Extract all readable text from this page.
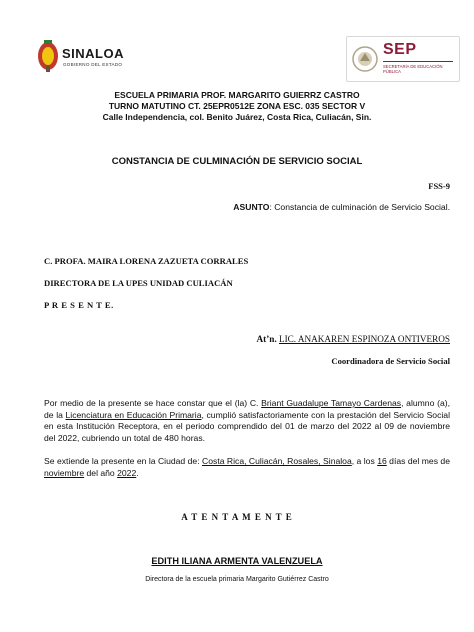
SINALOA
GOBIERNO DEL ESTADO
SEP
SECRETARÍA DE EDUCACIÓN PÚBLICA
ESCUELA PRIMARIA PROF. MARGARITO GUIERRZ CASTRO
TURNO MATUTINO CT. 25EPR0512E ZONA ESC. 035 SECTOR V
Calle Independencia, col. Benito Juárez, Costa Rica, Culiacán, Sin.
CONSTANCIA DE CULMINACIÓN DE SERVICIO SOCIAL
FSS-9
ASUNTO: Constancia de culminación de Servicio Social.
C. PROFA. MAIRA LORENA ZAZUETA CORRALES
DIRECTORA DE LA UPES UNIDAD CULIACÁN
P R E S E N T E.
At’n. LIC. ANAKAREN ESPINOZA ONTIVEROS
Coordinadora de Servicio Social
Por medio de la presente se hace constar que el (la) C. Briant Guadalupe Tamayo Cardenas, alumno (a), de la Licenciatura en Educación Primaria, cumplió satisfactoriamente con la prestación del Servicio Social en esta Institución Receptora, en el periodo comprendido del 01 de marzo del 2022 al 09 de noviembre del 2022, cubriendo un total de 480 horas.
Se extiende la presente en la Ciudad de: Costa Rica, Culiacán, Rosales, Sinaloa, a los 16 días del mes de noviembre del año 2022.
A T E N T A M E N T E
EDITH ILIANA ARMENTA VALENZUELA
Directora de la escuela primaria Margarito Gutiérrez Castro
